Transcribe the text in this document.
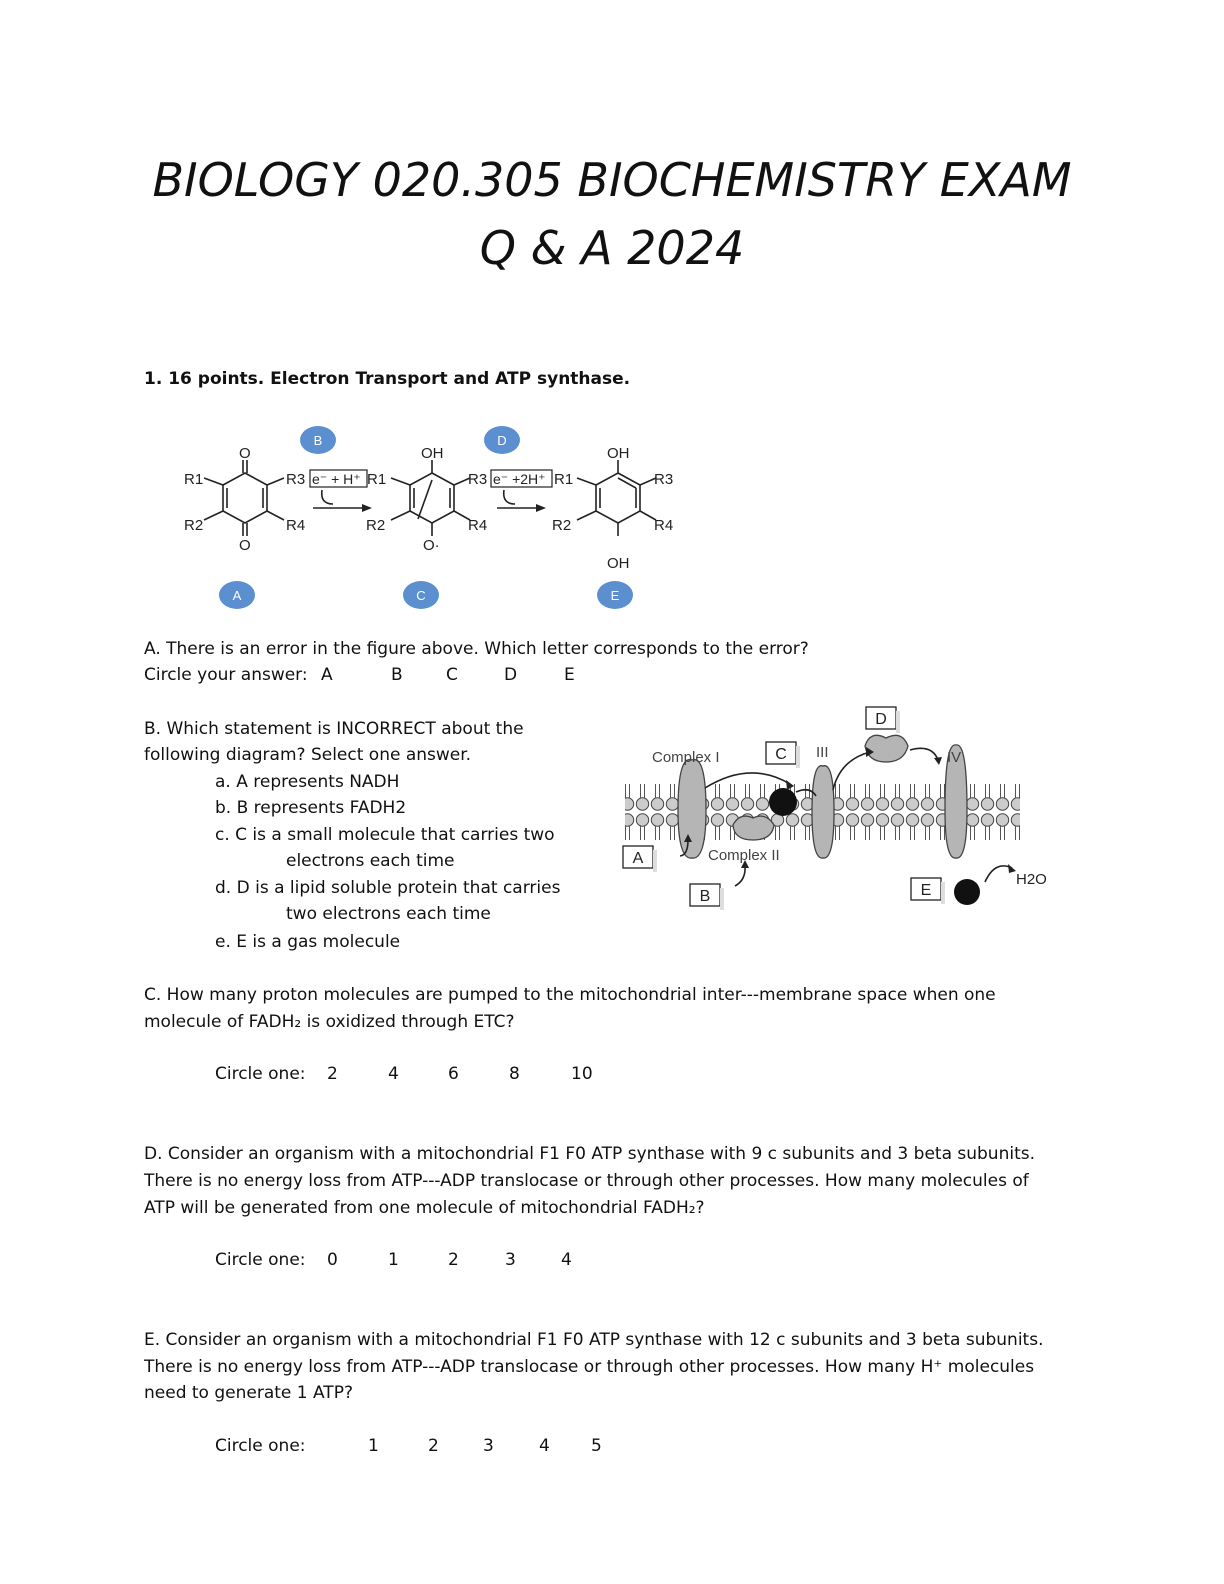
BIOLOGY 020.305 BIOCHEMISTRY EXAM
Q & A 2024
1. 16 points. Electron Transport and ATP synthase.
O
O
R1
R2
R3
R4
OH
O·
R1
R2
R3
R4
OH
OH
R1
R2
R3
R4
e⁻ + H⁺	e⁻ +2H⁺
A
B
C
D
E
A. There is an error in the figure above. Which letter corresponds to the error?
Circle your answer: A	B	C	D	E
B. Which statement is INCORRECT about the
following diagram? Select one answer.
a. A represents NADH
b. B represents FADH2
c. C is a small molecule that carries two
electrons each time
d. D is a lipid soluble protein that carries
two electrons each time
e. E is a gas molecule
A
B
C
D
E
Complex I
Complex II
III	IV
H2O
C. How many proton molecules are pumped to the mitochondrial inter---membrane space when one
molecule of FADH₂ is oxidized through ETC?
Circle one: 2	4	6	8	10
D. Consider an organism with a mitochondrial F1 F0 ATP synthase with 9 c subunits and 3 beta subunits.
There is no energy loss from ATP---ADP translocase or through other processes. How many molecules of
ATP will be generated from one molecule of mitochondrial FADH₂?
Circle one: 0	1	2	3	4
E. Consider an organism with a mitochondrial F1 F0 ATP synthase with 12 c subunits and 3 beta subunits.
There is no energy loss from ATP---ADP translocase or through other processes. How many H⁺ molecules
need to generate 1 ATP?
Circle one:	1	2	3	4 5
